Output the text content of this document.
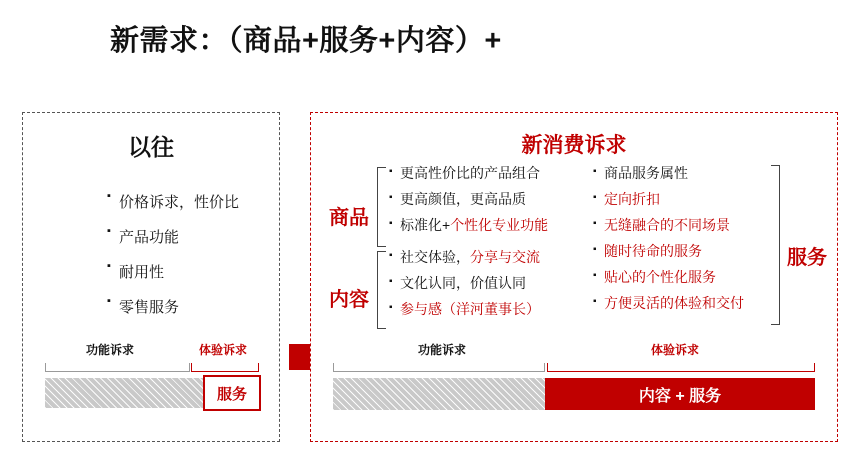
新需求：（商品+服务+内容）+
以往
▪ 价格诉求，性价比
▪ 产品功能
▪ 耐用性
▪ 零售服务
功能诉求	体验诉求
服务
新消费诉求
商品
▪ 更高性价比的产品组合
▪ 更高颜值，更高品质
▪ 标准化+个性化专业功能
内容
▪ 社交体验，分享与交流
▪ 文化认同，价值认同
▪ 参与感（洋河董事长）
服务
▪ 商品服务属性
▪ 定向折扣
▪ 无缝融合的不同场景
▪ 随时待命的服务
▪ 贴心的个性化服务
▪ 方便灵活的体验和交付
功能诉求	体验诉求
内容 + 服务
